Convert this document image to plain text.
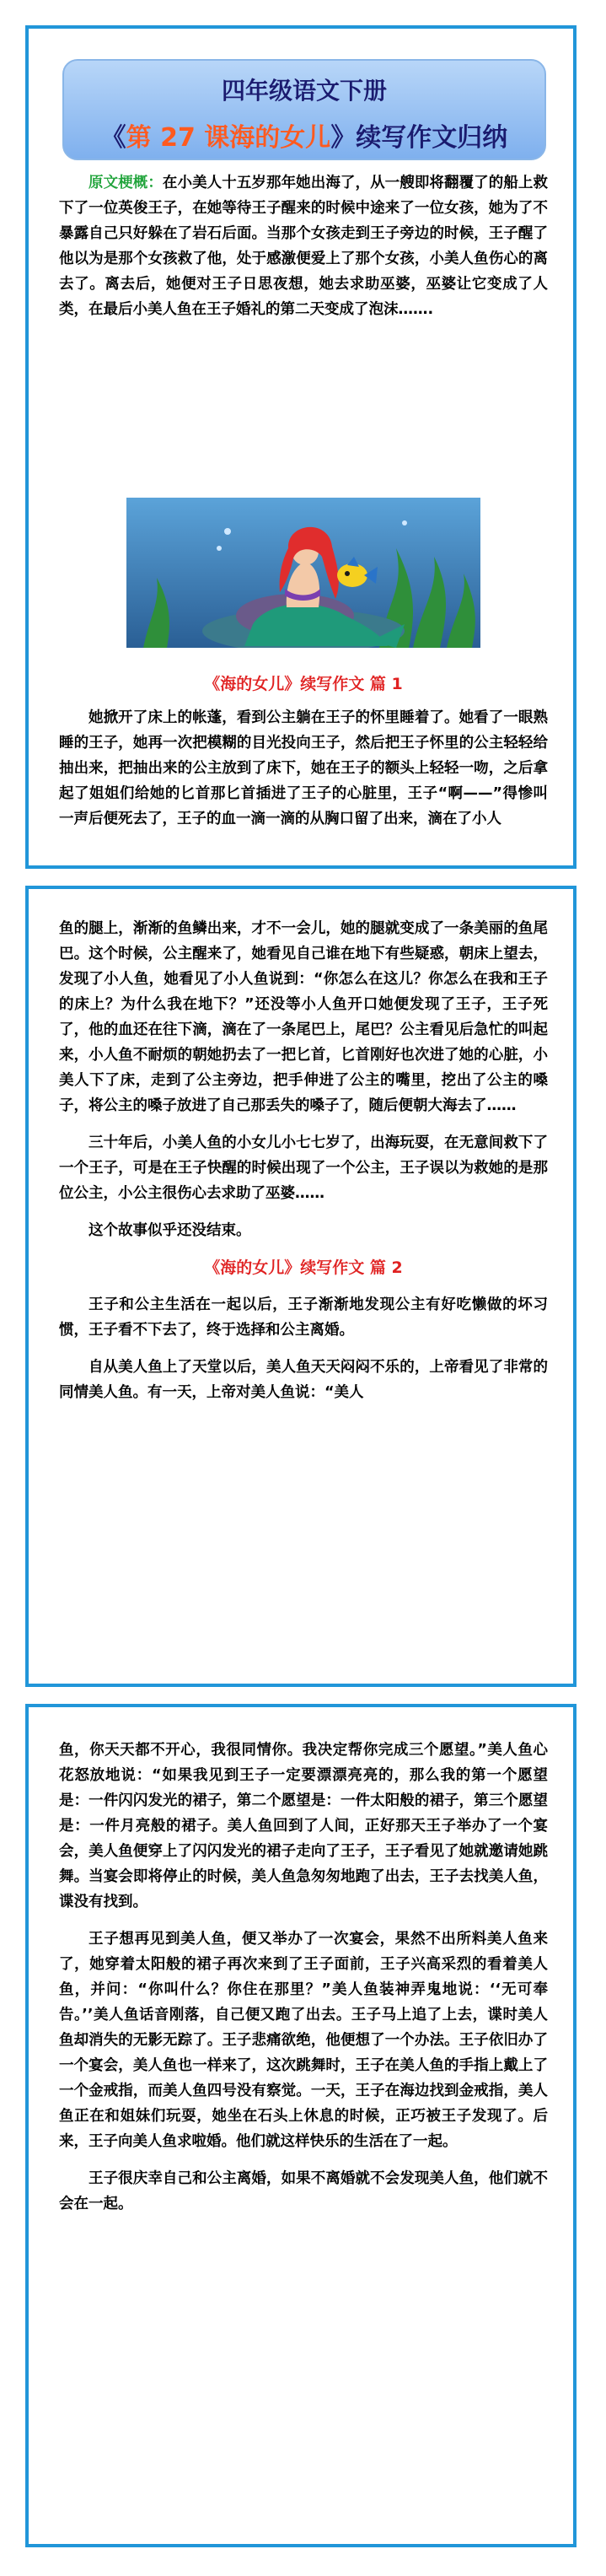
四年级语文下册
《第 27 课海的女儿》续写作文归纳

原文梗概：在小美人十五岁那年她出海了，从一艘即将翻覆了的船上救下了一位英俊王子，在她等待王子醒来的时候中途来了一位女孩，她为了不暴露自己只好躲在了岩石后面。当那个女孩走到王子旁边的时候，王子醒了他以为是那个女孩救了他，处于感激便爱上了那个女孩，小美人鱼伤心的离去了。离去后，她便对王子日思夜想，她去求助巫婆，巫婆让它变成了人类，在最后小美人鱼在王子婚礼的第二天变成了泡沫…….

《海的女儿》续写作文 篇 1

她掀开了床上的帐蓬，看到公主躺在王子的怀里睡着了。她看了一眼熟睡的王子，她再一次把模糊的目光投向王子，然后把王子怀里的公主轻轻给抽出来，把抽出来的公主放到了床下，她在王子的额头上轻轻一吻，之后拿起了姐姐们给她的匕首那匕首插进了王子的心脏里，王子“啊——”得惨叫一声后便死去了，王子的血一滴一滴的从胸口留了出来，滴在了小人

鱼的腿上，渐渐的鱼鳞出来，才不一会儿，她的腿就变成了一条美丽的鱼尾巴。这个时候，公主醒来了，她看见自己谁在地下有些疑惑，朝床上望去，发现了小人鱼，她看见了小人鱼说到：“你怎么在这儿？你怎么在我和王子的床上？为什么我在地下？”还没等小人鱼开口她便发现了王子，王子死了，他的血还在往下滴，滴在了一条尾巴上，尾巴？公主看见后急忙的叫起来，小人鱼不耐烦的朝她扔去了一把匕首，匕首刚好也次进了她的心脏，小美人下了床，走到了公主旁边，把手伸进了公主的嘴里，挖出了公主的嗓子，将公主的嗓子放进了自己那丢失的嗓子了，随后便朝大海去了……

三十年后，小美人鱼的小女儿小七七岁了，出海玩耍，在无意间救下了一个王子，可是在王子快醒的时候出现了一个公主，王子误以为救她的是那位公主，小公主很伤心去求助了巫婆……

这个故事似乎还没结束。

《海的女儿》续写作文 篇 2

王子和公主生活在一起以后，王子渐渐地发现公主有好吃懒做的坏习惯，王子看不下去了，终于选择和公主离婚。

自从美人鱼上了天堂以后，美人鱼天天闷闷不乐的，上帝看见了非常的同情美人鱼。有一天，上帝对美人鱼说：“美人

鱼，你天天都不开心，我很同情你。我决定帮你完成三个愿望。”美人鱼心花怒放地说：“如果我见到王子一定要漂漂亮亮的，那么我的第一个愿望是：一件闪闪发光的裙子，第二个愿望是：一件太阳般的裙子，第三个愿望是：一件月亮般的裙子。美人鱼回到了人间，正好那天王子举办了一个宴会，美人鱼便穿上了闪闪发光的裙子走向了王子，王子看见了她就邀请她跳舞。当宴会即将停止的时候，美人鱼急匆匆地跑了出去，王子去找美人鱼，谍没有找到。

王子想再见到美人鱼，便又举办了一次宴会，果然不出所料美人鱼来了，她穿着太阳般的裙子再次来到了王子面前，王子兴高采烈的看着美人鱼，并问：“你叫什么？你住在那里？”美人鱼装神弄鬼地说：‘‘无可奉告。’’美人鱼话音刚落，自己便又跑了出去。王子马上追了上去，谍时美人鱼却消失的无影无踪了。王子悲痛欲绝，他便想了一个办法。王子依旧办了一个宴会，美人鱼也一样来了，这次跳舞时，王子在美人鱼的手指上戴上了一个金戒指，而美人鱼四号没有察觉。一天，王子在海边找到金戒指，美人鱼正在和姐妹们玩耍，她坐在石头上休息的时候，正巧被王子发现了。后来，王子向美人鱼求啦婚。他们就这样快乐的生活在了一起。

王子很庆幸自己和公主离婚，如果不离婚就不会发现美人鱼，他们就不会在一起。
